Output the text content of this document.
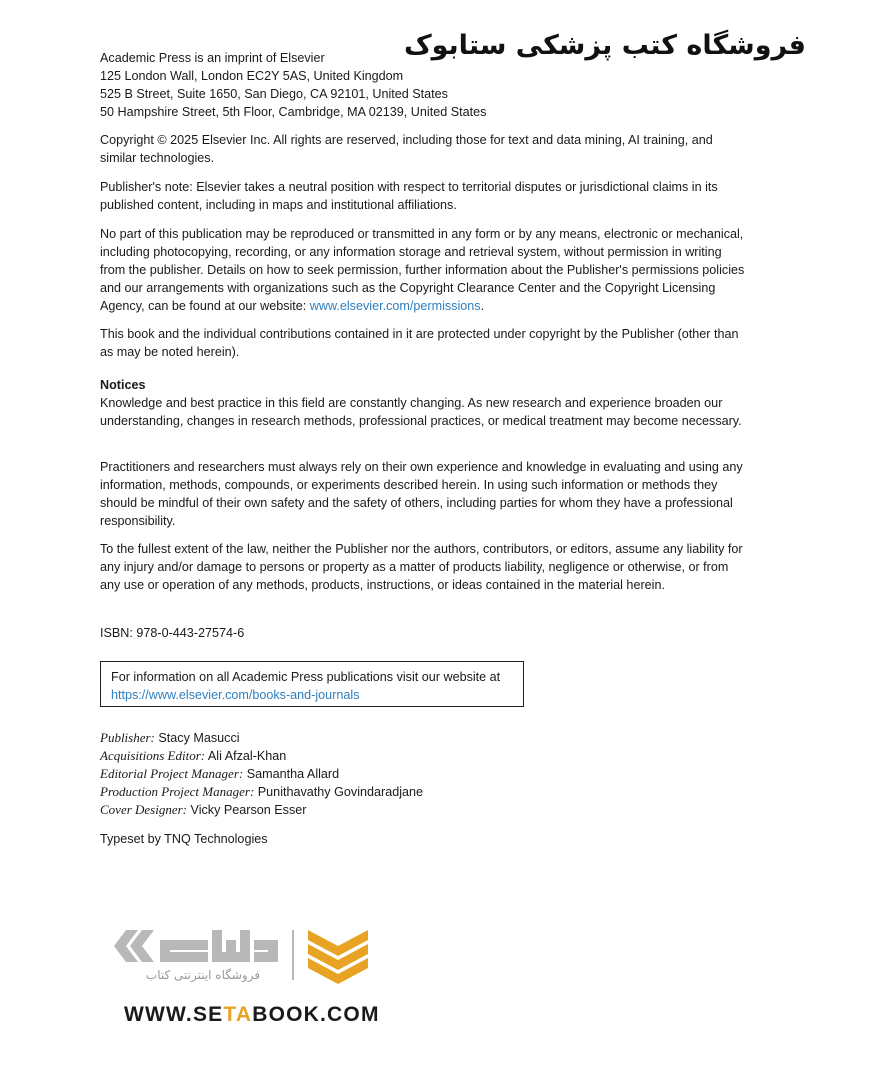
فروشگاه کتب پزشکی ستابوک

Academic Press is an imprint of Elsevier

125 London Wall, London EC2Y 5AS, United Kingdom

525 B Street, Suite 1650, San Diego, CA 92101, United States

50 Hampshire Street, 5th Floor, Cambridge, MA 02139, United States

Copyright © 2025 Elsevier Inc. All rights are reserved, including those for text and data mining, AI training, and similar technologies.

Publisher's note: Elsevier takes a neutral position with respect to territorial disputes or jurisdictional claims in its published content, including in maps and institutional affiliations.

No part of this publication may be reproduced or transmitted in any form or by any means, electronic or mechanical, including photocopying, recording, or any information storage and retrieval system, without permission in writing from the publisher. Details on how to seek permission, further information about the Publisher's permissions policies and our arrangements with organizations such as the Copyright Clearance Center and the Copyright Licensing Agency, can be found at our website: www.elsevier.com/permissions.

This book and the individual contributions contained in it are protected under copyright by the Publisher (other than as may be noted herein).

Notices

Knowledge and best practice in this field are constantly changing. As new research and experience broaden our understanding, changes in research methods, professional practices, or medical treatment may become necessary.

Practitioners and researchers must always rely on their own experience and knowledge in evaluating and using any information, methods, compounds, or experiments described herein. In using such information or methods they should be mindful of their own safety and the safety of others, including parties for whom they have a professional responsibility.

To the fullest extent of the law, neither the Publisher nor the authors, contributors, or editors, assume any liability for any injury and/or damage to persons or property as a matter of products liability, negligence or otherwise, or from any use or operation of any methods, products, instructions, or ideas contained in the material herein.

ISBN: 978-0-443-27574-6

For information on all Academic Press publications visit our website at
https://www.elsevier.com/books-and-journals
Publisher: Stacy Masucci
Acquisitions Editor: Ali Afzal-Khan
Editorial Project Manager: Samantha Allard
Production Project Manager: Punithavathy Govindaradjane
Cover Designer: Vicky Pearson Esser
Typeset by TNQ Technologies
فروشگاه اینترنتی کتاب
WWW.SETABOOK.COM
